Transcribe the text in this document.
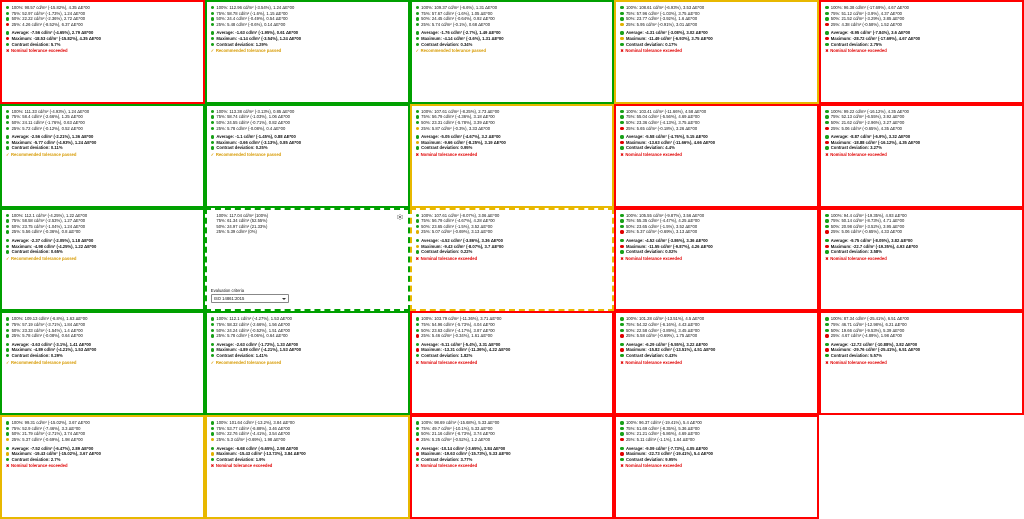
100%: 98.57 cd/m² (-15.82%), 4.35 ΔE*00
75%: 52.97 cd/m² (-1.73%), 1.24 ΔE*00
50%: 22.22 cd/m² (-2.36%), 2.72 ΔE*00
25%: 4.26 cd/m² (-8.52%), 6.37 ΔE*00
Average: -7.56 cd/m² (-4.65%), 2.79 ΔE*00
Maximum: -18.53 cd/m² (-15.82%), 4.35 ΔE*00
Contrast deviation: 5.7%
✖ Nominal tolerance exceeded
100%: 112.96 cd/m² (-3.54%), 1.24 ΔE*00
75%: 58.78 cd/m² (-1.6%), 1.15 ΔE*00
50%: 24.4 cd/m² (-0.49%), 0.54 ΔE*00
25%: 5.48 cd/m² (-0.6%), 0.14 ΔE*00
Average: -1.63 cd/m² (-1.95%), 0.61 ΔE*00
Maximum: -4.14 cd/m² (-3.54%), 1.24 ΔE*00
Contrast deviation: 1.29%
✓ Recommended tolerance passed
100%: 109.37 cd/m² (-6.6%), 1.31 ΔE*00
75%: 57.67 cd/m² (-1.6%), 1.05 ΔE*00
50%: 24.45 cd/m² (-0.64%), 0.92 ΔE*00
25%: 5.74 cd/m² (-0.1%), 0.68 ΔE*00
Average: -1.76 cd/m² (-2.7%), 1.49 ΔE*00
Maximum: -4.14 cd/m² (-3.6%), 1.31 ΔE*00
Contrast deviation: 0.34%
✓ Recommended tolerance passed
100%: 108.61 cd/m² (-6.93%), 3.53 ΔE*00
75%: 57.96 cd/m² (-1.03%), 3.75 ΔE*00
50%: 23.77 cd/m² (-3.92%), 1.6 ΔE*00
25%: 5.95 cd/m² (-0.91%), 3.01 ΔE*00
Average: -4.31 cd/m² (-3.08%), 3.02 ΔE*00
Maximum: -11.49 cd/m² (-6.93%), 3.75 ΔE*00
Contrast deviation: 0.17%
✖ Nominal tolerance exceeded
100%: 96.38 cd/m² (-17.69%), 4.67 ΔE*00
75%: 51.12 cd/m² (-3.9%), 4.37 ΔE*00
50%: 21.52 cd/m² (-3.29%), 3.85 ΔE*00
25%: 4.38 cd/m² (-0.58%), 1.52 ΔE*00
Average: -8.95 cd/m² (-7.84%), 3.6 ΔE*00
Maximum: -28.72 cd/m² (-17.69%), 4.67 ΔE*00
Contrast deviation: 2.75%
✖ Nominal tolerance exceeded
100%: 111.33 cd/m² (-4.93%), 1.24 ΔE*00
75%: 58.4 cd/m² (-2.66%), 1.25 ΔE*00
50%: 24.11 cd/m² (-1.76%), 0.63 ΔE*00
25%: 5.72 cd/m² (-0.12%), 0.52 ΔE*00
Average: -2.56 cd/m² (-2.21%), 1.36 ΔE*00
Maximum: -5.77 cd/m² (-4.93%), 1.24 ΔE*00
Contrast deviation: 0.11%
✓ Recommended tolerance passed
100%: 113.38 cd/m² (-3.13%), 0.85 ΔE*00
75%: 58.74 cd/m² (-1.03%), 1.06 ΔE*00
50%: 24.55 cd/m² (-0.71%), 0.82 ΔE*00
25%: 5.78 cd/m² (-0.08%), 0.4 ΔE*00
Average: -1.1 cd/m² (-1.45%), 0.88 ΔE*00
Maximum: -3.66 cd/m² (-3.13%), 0.85 ΔE*00
Contrast deviation: 0.25%
✓ Recommended tolerance passed
100%: 107.61 cd/m² (-8.25%), 2.73 ΔE*00
75%: 56.79 cd/m² (-4.36%), 3.18 ΔE*00
50%: 23.31 cd/m² (-5.78%), 3.39 ΔE*00
25%: 5.87 cd/m² (-0.3%), 3.33 ΔE*00
Average: -5.05 cd/m² (-4.67%), 3.2 ΔE*00
Maximum: -9.66 cd/m² (-8.25%), 3.19 ΔE*00
Contrast deviation: 0.95%
✖ Nominal tolerance exceeded
100%: 103.41 cd/m² (-11.66%), 4.58 ΔE*00
75%: 55.04 cd/m² (-5.56%), 4.69 ΔE*00
50%: 23.36 cd/m² (-4.13%), 3.75 ΔE*00
25%: 5.65 cd/m² (-0.18%), 3.26 ΔE*00
Average: -5.58 cd/m² (-4.76%), 5.15 ΔE*00
Maximum: -13.63 cd/m² (-11.66%), 4.66 ΔE*00
Contrast deviation: 4.4%
✖ Nominal tolerance exceeded
100%: 99.22 cd/m² (-16.12%), 4.35 ΔE*00
75%: 52.13 cd/m² (-6.55%), 3.92 ΔE*00
50%: 21.62 cd/m² (-2.96%), 3.27 ΔE*00
25%: 5.06 cd/m² (-0.65%), 4.35 ΔE*00
Average: -8.87 cd/m² (-6.9%), 3.32 ΔE*00
Maximum: -18.88 cd/m² (-16.12%), 4.35 ΔE*00
Contrast deviation: 3.27%
✖ Nominal tolerance exceeded
100%: 112.1 cd/m² (-4.25%), 1.22 ΔE*00
75%: 58.58 cd/m² (-2.53%), 1.27 ΔE*00
50%: 23.75 cd/m² (-1.04%), 1.24 ΔE*00
25%: 5.56 cd/m² (-0.36%), 0.8 ΔE*00
Average: -2.37 cd/m² (-2.05%), 1.18 ΔE*00
Maximum: -4.98 cd/m² (-4.25%), 1.22 ΔE*00
Contrast deviation: 0.65%
✓ Recommended tolerance passed
100%: 117.04 cd/m² (100%)
75%: 61.34 cd/m² (52.55%)
50%: 24.97 cd/m² (21.33%)
25%: 5.39 cd/m² (0%)
Evaluation criteria
ISO 14861:2015
100%: 107.61 cd/m² (-8.07%), 3.06 ΔE*00
75%: 56.79 cd/m² (-4.67%), 4.28 ΔE*00
50%: 23.65 cd/m² (-1.5%), 3.52 ΔE*00
25%: 5.07 cd/m² (-0.69%), 3.13 ΔE*00
Average: -4.52 cd/m² (-3.86%), 3.36 ΔE*00
Maximum: -9.43 cd/m² (-8.07%), 3.7 ΔE*00
Contrast deviation: 0.22%
✖ Nominal tolerance exceeded
100%: 105.55 cd/m² (-9.87%), 3.56 ΔE*00
75%: 55.35 cd/m² (-4.47%), 4.25 ΔE*00
50%: 23.65 cd/m² (-1.5%), 3.52 ΔE*00
25%: 5.37 cd/m² (-0.69%), 3.13 ΔE*00
Average: -4.52 cd/m² (-3.86%), 3.36 ΔE*00
Maximum: -11.55 cd/m² (-9.87%), 4.26 ΔE*00
Contrast deviation: 0.02%
✖ Nominal tolerance exceeded
100%: 94.4 cd/m² (-19.35%), 4.93 ΔE*00
75%: 50.14 cd/m² (-8.73%), 4.71 ΔE*00
50%: 20.98 cd/m² (-3.52%), 3.95 ΔE*00
25%: 5.06 cd/m² (-0.65%), 4.33 ΔE*00
Average: -9.75 cd/m² (-8.05%), 3.82 ΔE*00
Maximum: -22.7 cd/m² (-19.35%), 4.93 ΔE*00
Contrast deviation: 3.58%
✖ Nominal tolerance exceeded
100%: 109.13 cd/m² (-6.8%), 1.63 ΔE*00
75%: 57.19 cd/m² (-3.71%), 1.84 ΔE*00
50%: 23.33 cd/m² (-1.54%), 1.4 ΔE*00
25%: 5.78 cd/m² (-0.08%), 0.64 ΔE*00
Average: -3.63 cd/m² (-3.1%), 1.41 ΔE*00
Maximum: -4.89 cd/m² (-4.21%), 1.53 ΔE*00
Contrast deviation: 0.29%
✓ Recommended tolerance passed
100%: 112.1 cd/m² (-4.27%), 1.53 ΔE*00
75%: 58.32 cd/m² (-2.66%), 1.56 ΔE*00
50%: 24.24 cd/m² (-0.52%), 1.51 ΔE*00
25%: 5.78 cd/m² (-0.06%), 0.64 ΔE*00
Average: -2.63 cd/m² (-1.72%), 1.33 ΔE*00
Maximum: -4.89 cd/m² (-4.21%), 1.53 ΔE*00
Contrast deviation: 1.41%
✓ Recommended tolerance passed
100%: 103.79 cd/m² (-11.36%), 3.71 ΔE*00
75%: 54.96 cd/m² (-5.73%), 4.04 ΔE*00
50%: 23.63 cd/m² (-4.17%), 3.87 ΔE*00
25%: 5.46 cd/m² (-0.34%), 1.61 ΔE*00
Average: -5.11 cd/m² (-5.4%), 3.31 ΔE*00
Maximum: -13.31 cd/m² (-11.36%), 4.22 ΔE*00
Contrast deviation: 1.82%
✖ Nominal tolerance exceeded
100%: 101.28 cd/m² (-13.51%), 4.5 ΔE*00
75%: 54.32 cd/m² (-6.16%), 4.43 ΔE*00
50%: 22.58 cd/m² (-3.89%), 3.45 ΔE*00
25%: 5.58 cd/m² (-0.69%), 1.75 ΔE*00
Average: -6.29 cd/m² (-5.55%), 3.22 ΔE*00
Maximum: -15.82 cd/m² (-13.51%), 4.51 ΔE*00
Contrast deviation: 0.43%
✖ Nominal tolerance exceeded
100%: 87.34 cd/m² (-25.41%), 6.51 ΔE*00
75%: 46.71 cd/m² (-12.98%), 6.21 ΔE*00
50%: 19.66 cd/m² (-9.53%), 5.39 ΔE*00
25%: 4.67 cd/m² (-4.89%), 1.98 ΔE*00
Average: -12.72 cd/m² (-10.88%), 3.82 ΔE*00
Maximum: -29.76 cd/m² (-25.41%), 6.51 ΔE*00
Contrast deviation: 5.57%
✖ Nominal tolerance exceeded
100%: 99.31 cd/m² (-15.02%), 3.67 ΔE*00
75%: 52.9 cd/m² (-7.46%), 3.3 ΔE*00
50%: 21.79 cd/m² (-2.71%), 3.74 ΔE*00
25%: 5.37 cd/m² (-0.69%), 1.98 ΔE*00
Average: -7.52 cd/m² (-6.47%), 2.89 ΔE*00
Maximum: -19.43 cd/m² (-15.02%), 3.67 ΔE*00
Contrast deviation: 2.7%
✖ Nominal tolerance exceeded
100%: 101.64 cd/m² (-13.2%), 3.84 ΔE*00
75%: 53.77 cd/m² (-6.88%), 3.46 ΔE*00
50%: 22.76 cd/m² (-4.41%), 3.54 ΔE*00
25%: 5.3 cd/m² (-0.69%), 1.98 ΔE*00
Average: -6.68 cd/m² (-5.65%), 2.98 ΔE*00
Maximum: -15.43 cd/m² (-13.73%), 3.84 ΔE*00
Contrast deviation: 1.9%
✖ Nominal tolerance exceeded
100%: 98.69 cd/m² (-15.68%), 5.33 ΔE*00
75%: 49.7 cd/m² (-10.1%), 5.33 ΔE*00
50%: 21.16 cd/m² (-6.73%), 3.74 ΔE*00
25%: 5.25 cd/m² (-0.52%), 1.2 ΔE*00
Average: -10.14 cd/m² (-3.65%), 3.84 ΔE*00
Maximum: -19.63 cd/m² (-15.73%), 5.33 ΔE*00
Contrast deviation: 3.77%
✖ Nominal tolerance exceeded
100%: 96.37 cd/m² (-19.41%), 5.4 ΔE*00
75%: 51.69 cd/m² (-8.35%), 5.36 ΔE*00
50%: 21.21 cd/m² (-5.86%), 4.69 ΔE*00
25%: 5.11 cd/m² (-1.1%), 1.64 ΔE*00
Average: -9.09 cd/m² (-7.73%), 4.05 ΔE*00
Maximum: -22.73 cd/m² (-19.41%), 5.4 ΔE*00
Contrast deviation: 9.95%
✖ Nominal tolerance exceeded
